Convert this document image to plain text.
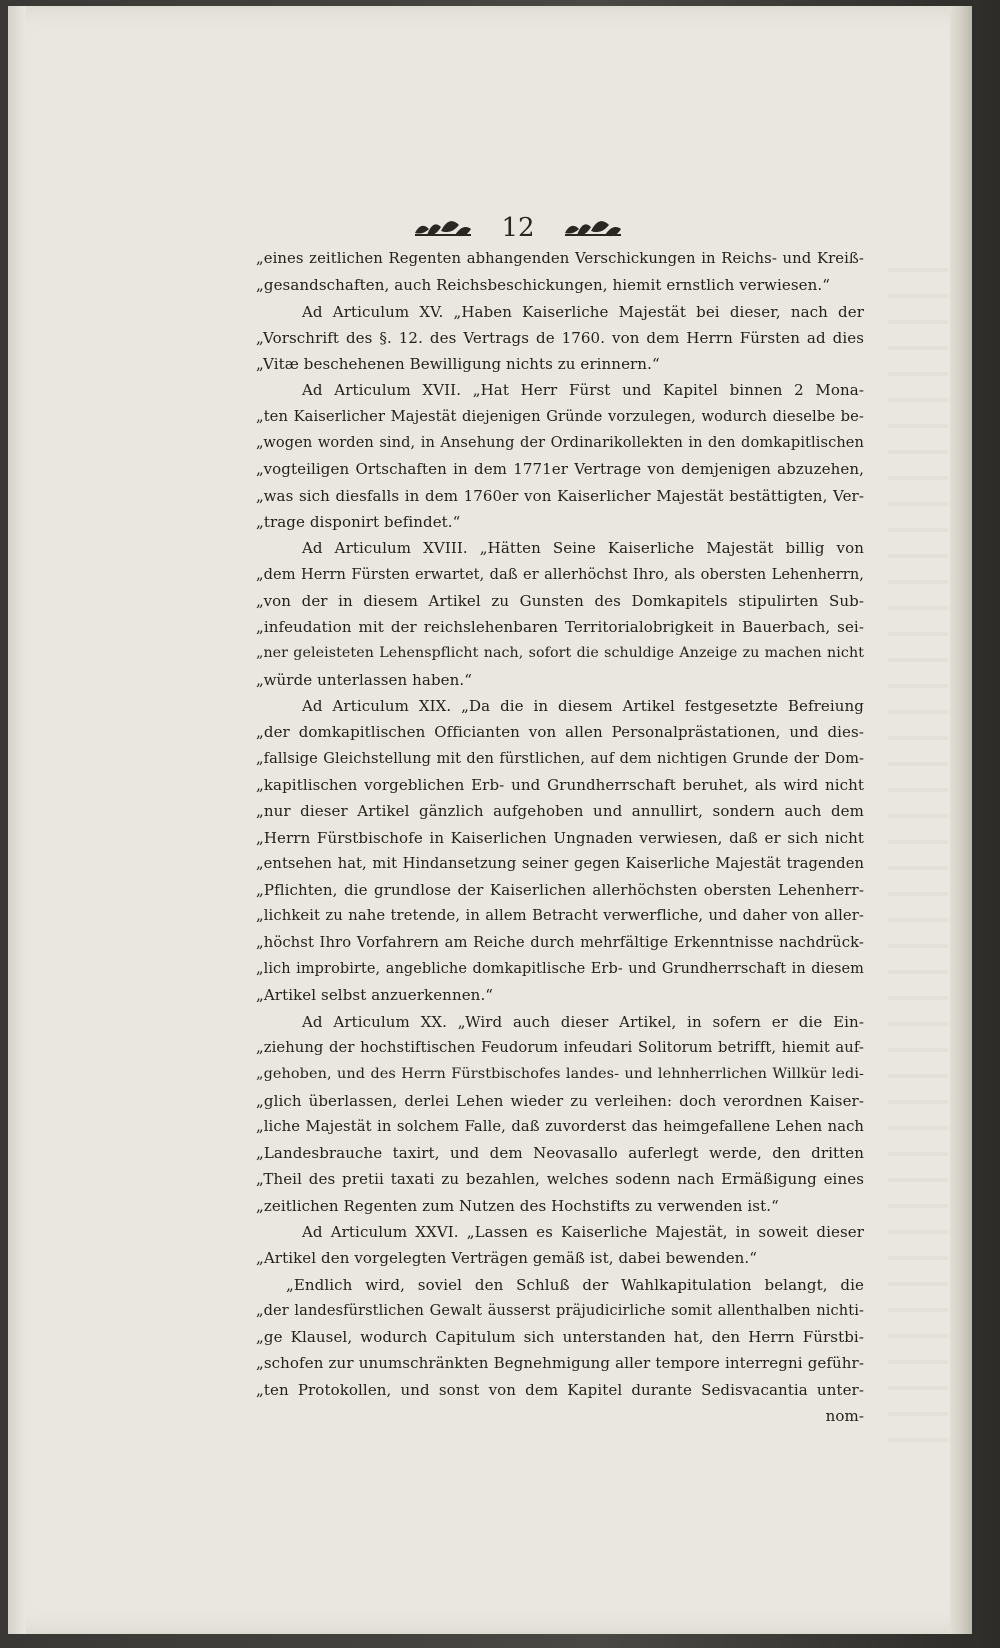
12
„eines zeitlichen Regenten abhangenden Verschickungen in Reichs- und Kreiß-
„gesandschaften, auch Reichsbeschickungen, hiemit ernstlich verwiesen.“
Ad Articulum XV. „Haben Kaiserliche Majestät bei dieser, nach der
„Vorschrift des §. 12. des Vertrags de 1760. von dem Herrn Fürsten ad dies
„Vitæ beschehenen Bewilligung nichts zu erinnern.“
Ad Articulum XVII. „Hat Herr Fürst und Kapitel binnen 2 Mona-
„ten Kaiserlicher Majestät diejenigen Gründe vorzulegen, wodurch dieselbe be-
„wogen worden sind, in Ansehung der Ordinarikollekten in den domkapitlischen
„vogteiligen Ortschaften in dem 1771er Vertrage von demjenigen abzuzehen,
„was sich diesfalls in dem 1760er von Kaiserlicher Majestät bestättigten, Ver-
„trage disponirt befindet.“
Ad Articulum XVIII. „Hätten Seine Kaiserliche Majestät billig von
„dem Herrn Fürsten erwartet, daß er allerhöchst Ihro, als obersten Lehenherrn,
„von der in diesem Artikel zu Gunsten des Domkapitels stipulirten Sub-
„infeudation mit der reichslehenbaren Territorialobrigkeit in Bauerbach, sei-
„ner geleisteten Lehenspflicht nach, sofort die schuldige Anzeige zu machen nicht
„würde unterlassen haben.“
Ad Articulum XIX. „Da die in diesem Artikel festgesetzte Befreiung
„der domkapitlischen Officianten von allen Personalprästationen, und dies-
„fallsige Gleichstellung mit den fürstlichen, auf dem nichtigen Grunde der Dom-
„kapitlischen vorgeblichen Erb- und Grundherrschaft beruhet, als wird nicht
„nur dieser Artikel gänzlich aufgehoben und annullirt, sondern auch dem
„Herrn Fürstbischofe in Kaiserlichen Ungnaden verwiesen, daß er sich nicht
„entsehen hat, mit Hindansetzung seiner gegen Kaiserliche Majestät tragenden
„Pflichten, die grundlose der Kaiserlichen allerhöchsten obersten Lehenherr-
„lichkeit zu nahe tretende, in allem Betracht verwerfliche, und daher von aller-
„höchst Ihro Vorfahrern am Reiche durch mehrfältige Erkenntnisse nachdrück-
„lich improbirte, angebliche domkapitlische Erb- und Grundherrschaft in diesem
„Artikel selbst anzuerkennen.“
Ad Articulum XX. „Wird auch dieser Artikel, in sofern er die Ein-
„ziehung der hochstiftischen Feudorum infeudari Solitorum betrifft, hiemit auf-
„gehoben, und des Herrn Fürstbischofes landes- und lehnherrlichen Willkür ledi-
„glich überlassen, derlei Lehen wieder zu verleihen: doch verordnen Kaiser-
„liche Majestät in solchem Falle, daß zuvorderst das heimgefallene Lehen nach
„Landesbrauche taxirt, und dem Neovasallo auferlegt werde, den dritten
„Theil des pretii taxati zu bezahlen, welches sodenn nach Ermäßigung eines
„zeitlichen Regenten zum Nutzen des Hochstifts zu verwenden ist.“
Ad Articulum XXVI. „Lassen es Kaiserliche Majestät, in soweit dieser
„Artikel den vorgelegten Verträgen gemäß ist, dabei bewenden.“
„Endlich wird, soviel den Schluß der Wahlkapitulation belangt, die
„der landesfürstlichen Gewalt äusserst präjudicirliche somit allenthalben nichti-
„ge Klausel, wodurch Capitulum sich unterstanden hat, den Herrn Fürstbi-
„schofen zur unumschränkten Begnehmigung aller tempore interregni geführ-
„ten Protokollen, und sonst von dem Kapitel durante Sedisvacantia unter-
nom-
